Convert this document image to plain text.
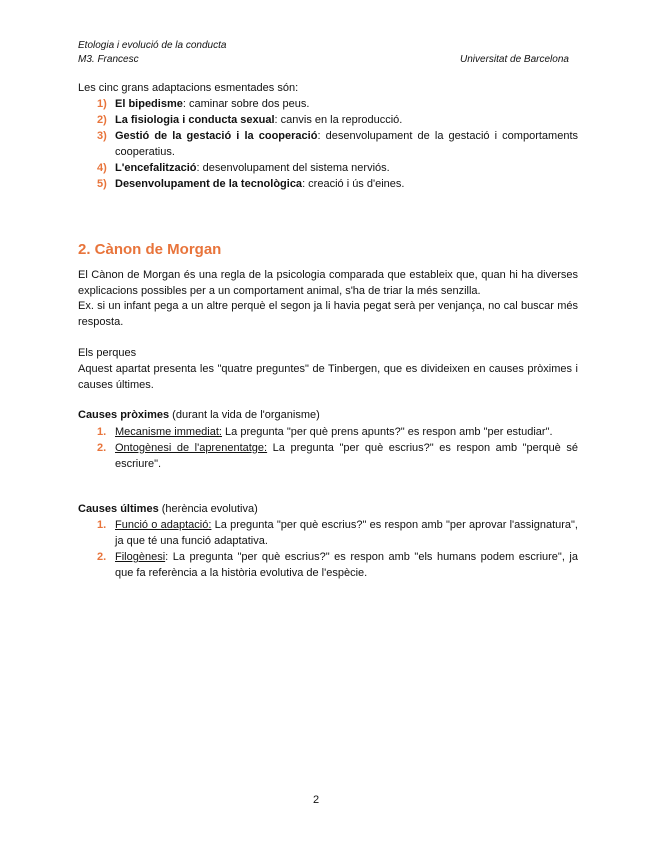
Etologia i evolució de la conducta
M3. Francesc	Universitat de Barcelona
Les cinc grans adaptacions esmentades són:
1) El bipedisme: caminar sobre dos peus.
2) La fisiologia i conducta sexual: canvis en la reproducció.
3) Gestió de la gestació i la cooperació: desenvolupament de la gestació i comportaments cooperatius.
4) L'encefalització: desenvolupament del sistema nerviós.
5) Desenvolupament de la tecnològica: creació i ús d'eines.
2. Cànon de Morgan
El Cànon de Morgan és una regla de la psicologia comparada que estableix que, quan hi ha diverses explicacions possibles per a un comportament animal, s'ha de triar la més senzilla.
Ex. si un infant pega a un altre perquè el segon ja li havia pegat serà per venjança, no cal buscar més resposta.
Els perques
Aquest apartat presenta les "quatre preguntes" de Tinbergen, que es divideixen en causes pròximes i causes últimes.
Causes pròximes (durant la vida de l'organisme)
1. Mecanisme immediat: La pregunta "per què prens apunts?" es respon amb "per estudiar".
2. Ontogènesi de l'aprenentatge: La pregunta "per què escrius?" es respon amb "perquè sé escriure".
Causes últimes (herència evolutiva)
1. Funció o adaptació: La pregunta "per què escrius?" es respon amb "per aprovar l'assignatura", ja que té una funció adaptativa.
2. Filogènesi: La pregunta "per què escrius?" es respon amb "els humans podem escriure", ja que fa referència a la història evolutiva de l'espècie.
2
